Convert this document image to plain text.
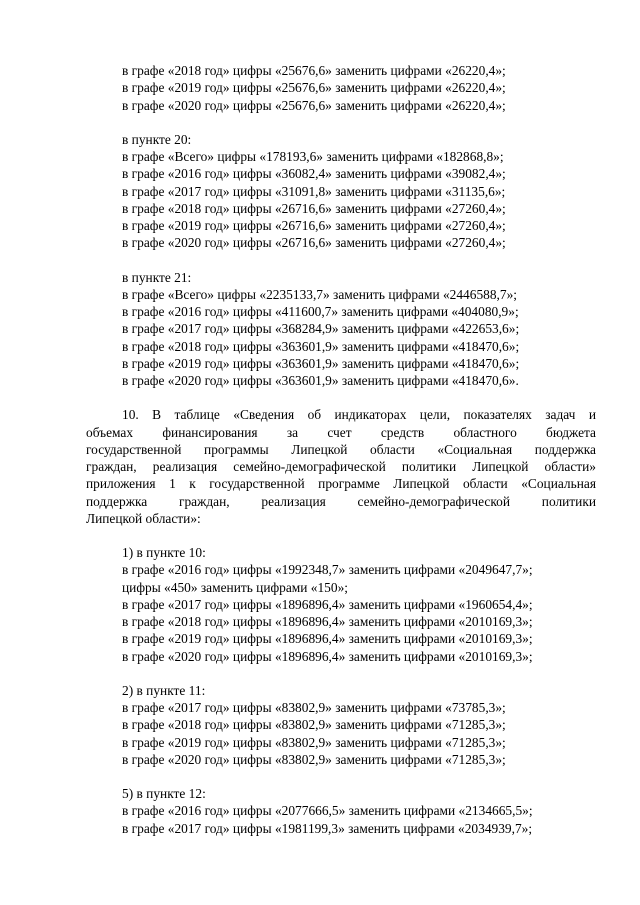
в графе «2018 год» цифры «25676,6» заменить цифрами «26220,4»;
в графе «2019 год» цифры «25676,6» заменить цифрами «26220,4»;
в графе «2020 год» цифры «25676,6» заменить цифрами «26220,4»;
в пункте 20:
в графе «Всего» цифры «178193,6» заменить цифрами «182868,8»;
в графе «2016 год» цифры «36082,4» заменить цифрами «39082,4»;
в графе «2017 год» цифры «31091,8» заменить цифрами «31135,6»;
в графе «2018 год» цифры «26716,6» заменить цифрами «27260,4»;
в графе «2019 год» цифры «26716,6» заменить цифрами «27260,4»;
в графе «2020 год» цифры «26716,6» заменить цифрами «27260,4»;
в пункте 21:
в графе «Всего» цифры «2235133,7» заменить цифрами «2446588,7»;
в графе «2016 год» цифры «411600,7» заменить цифрами «404080,9»;
в графе «2017 год» цифры «368284,9» заменить цифрами «422653,6»;
в графе «2018 год» цифры «363601,9» заменить цифрами «418470,6»;
в графе «2019 год» цифры «363601,9» заменить цифрами «418470,6»;
в графе «2020 год» цифры «363601,9» заменить цифрами «418470,6».
10. В таблице «Сведения об индикаторах цели, показателях задач и
объемах финансирования за счет средств областного бюджета
государственной программы Липецкой области «Социальная поддержка
граждан, реализация семейно-демографической политики Липецкой области»
приложения 1 к государственной программе Липецкой области «Социальная
поддержка граждан, реализация семейно-демографической политики
Липецкой области»:
1) в пункте 10:
в графе «2016 год» цифры «1992348,7» заменить цифрами «2049647,7»;
цифры «450» заменить цифрами «150»;
в графе «2017 год» цифры «1896896,4» заменить цифрами «1960654,4»;
в графе «2018 год» цифры «1896896,4» заменить цифрами «2010169,3»;
в графе «2019 год» цифры «1896896,4» заменить цифрами «2010169,3»;
в графе «2020 год» цифры «1896896,4» заменить цифрами «2010169,3»;
2) в пункте 11:
в графе «2017 год» цифры «83802,9» заменить цифрами «73785,3»;
в графе «2018 год» цифры «83802,9» заменить цифрами «71285,3»;
в графе «2019 год» цифры «83802,9» заменить цифрами «71285,3»;
в графе «2020 год» цифры «83802,9» заменить цифрами «71285,3»;
5) в пункте 12:
в графе «2016 год» цифры «2077666,5» заменить цифрами «2134665,5»;
в графе «2017 год» цифры «1981199,3» заменить цифрами «2034939,7»;
